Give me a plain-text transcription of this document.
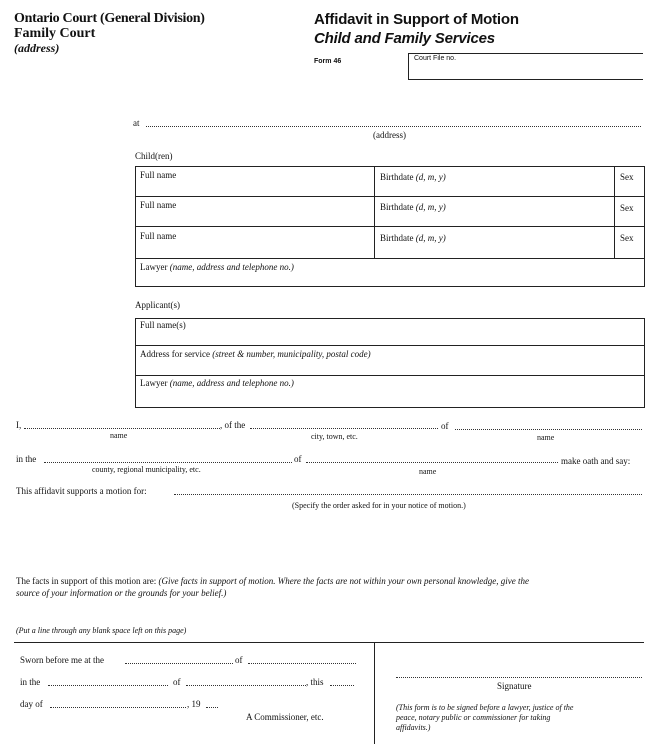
Ontario Court (General Division)
Family Court
(address)
Affidavit in Support of Motion
Child and Family Services
Form 46	Court File no.
at
(address)
Child(ren)
Full name	Birthdate (d, m, y)	Sex
Full name	Birthdate (d, m, y)	Sex
Full name	Birthdate (d, m, y)	Sex
Lawyer (name, address and telephone no.)
Applicant(s)
Full name(s)
Address for service (street & number, municipality, postal code)
Lawyer (name, address and telephone no.)
I,	, of the	of
name	city, town, etc.	name
in the	of	make oath and say:
county, regional municipality, etc.	name
This affidavit supports a motion for:
(Specify the order asked for in your notice of motion.)
The facts in support of this motion are: (Give facts in support of motion. Where the facts are not within your own personal knowledge, give the
source of your information or the grounds for your belief.)
(Put a line through any blank space left on this page)
Sworn before me at the	of
in the	of	, this
day of	, 19
A Commissioner, etc.
Signature
(This form is to be signed before a lawyer, justice of the
peace, notary public or commissioner for taking
affidavits.)
